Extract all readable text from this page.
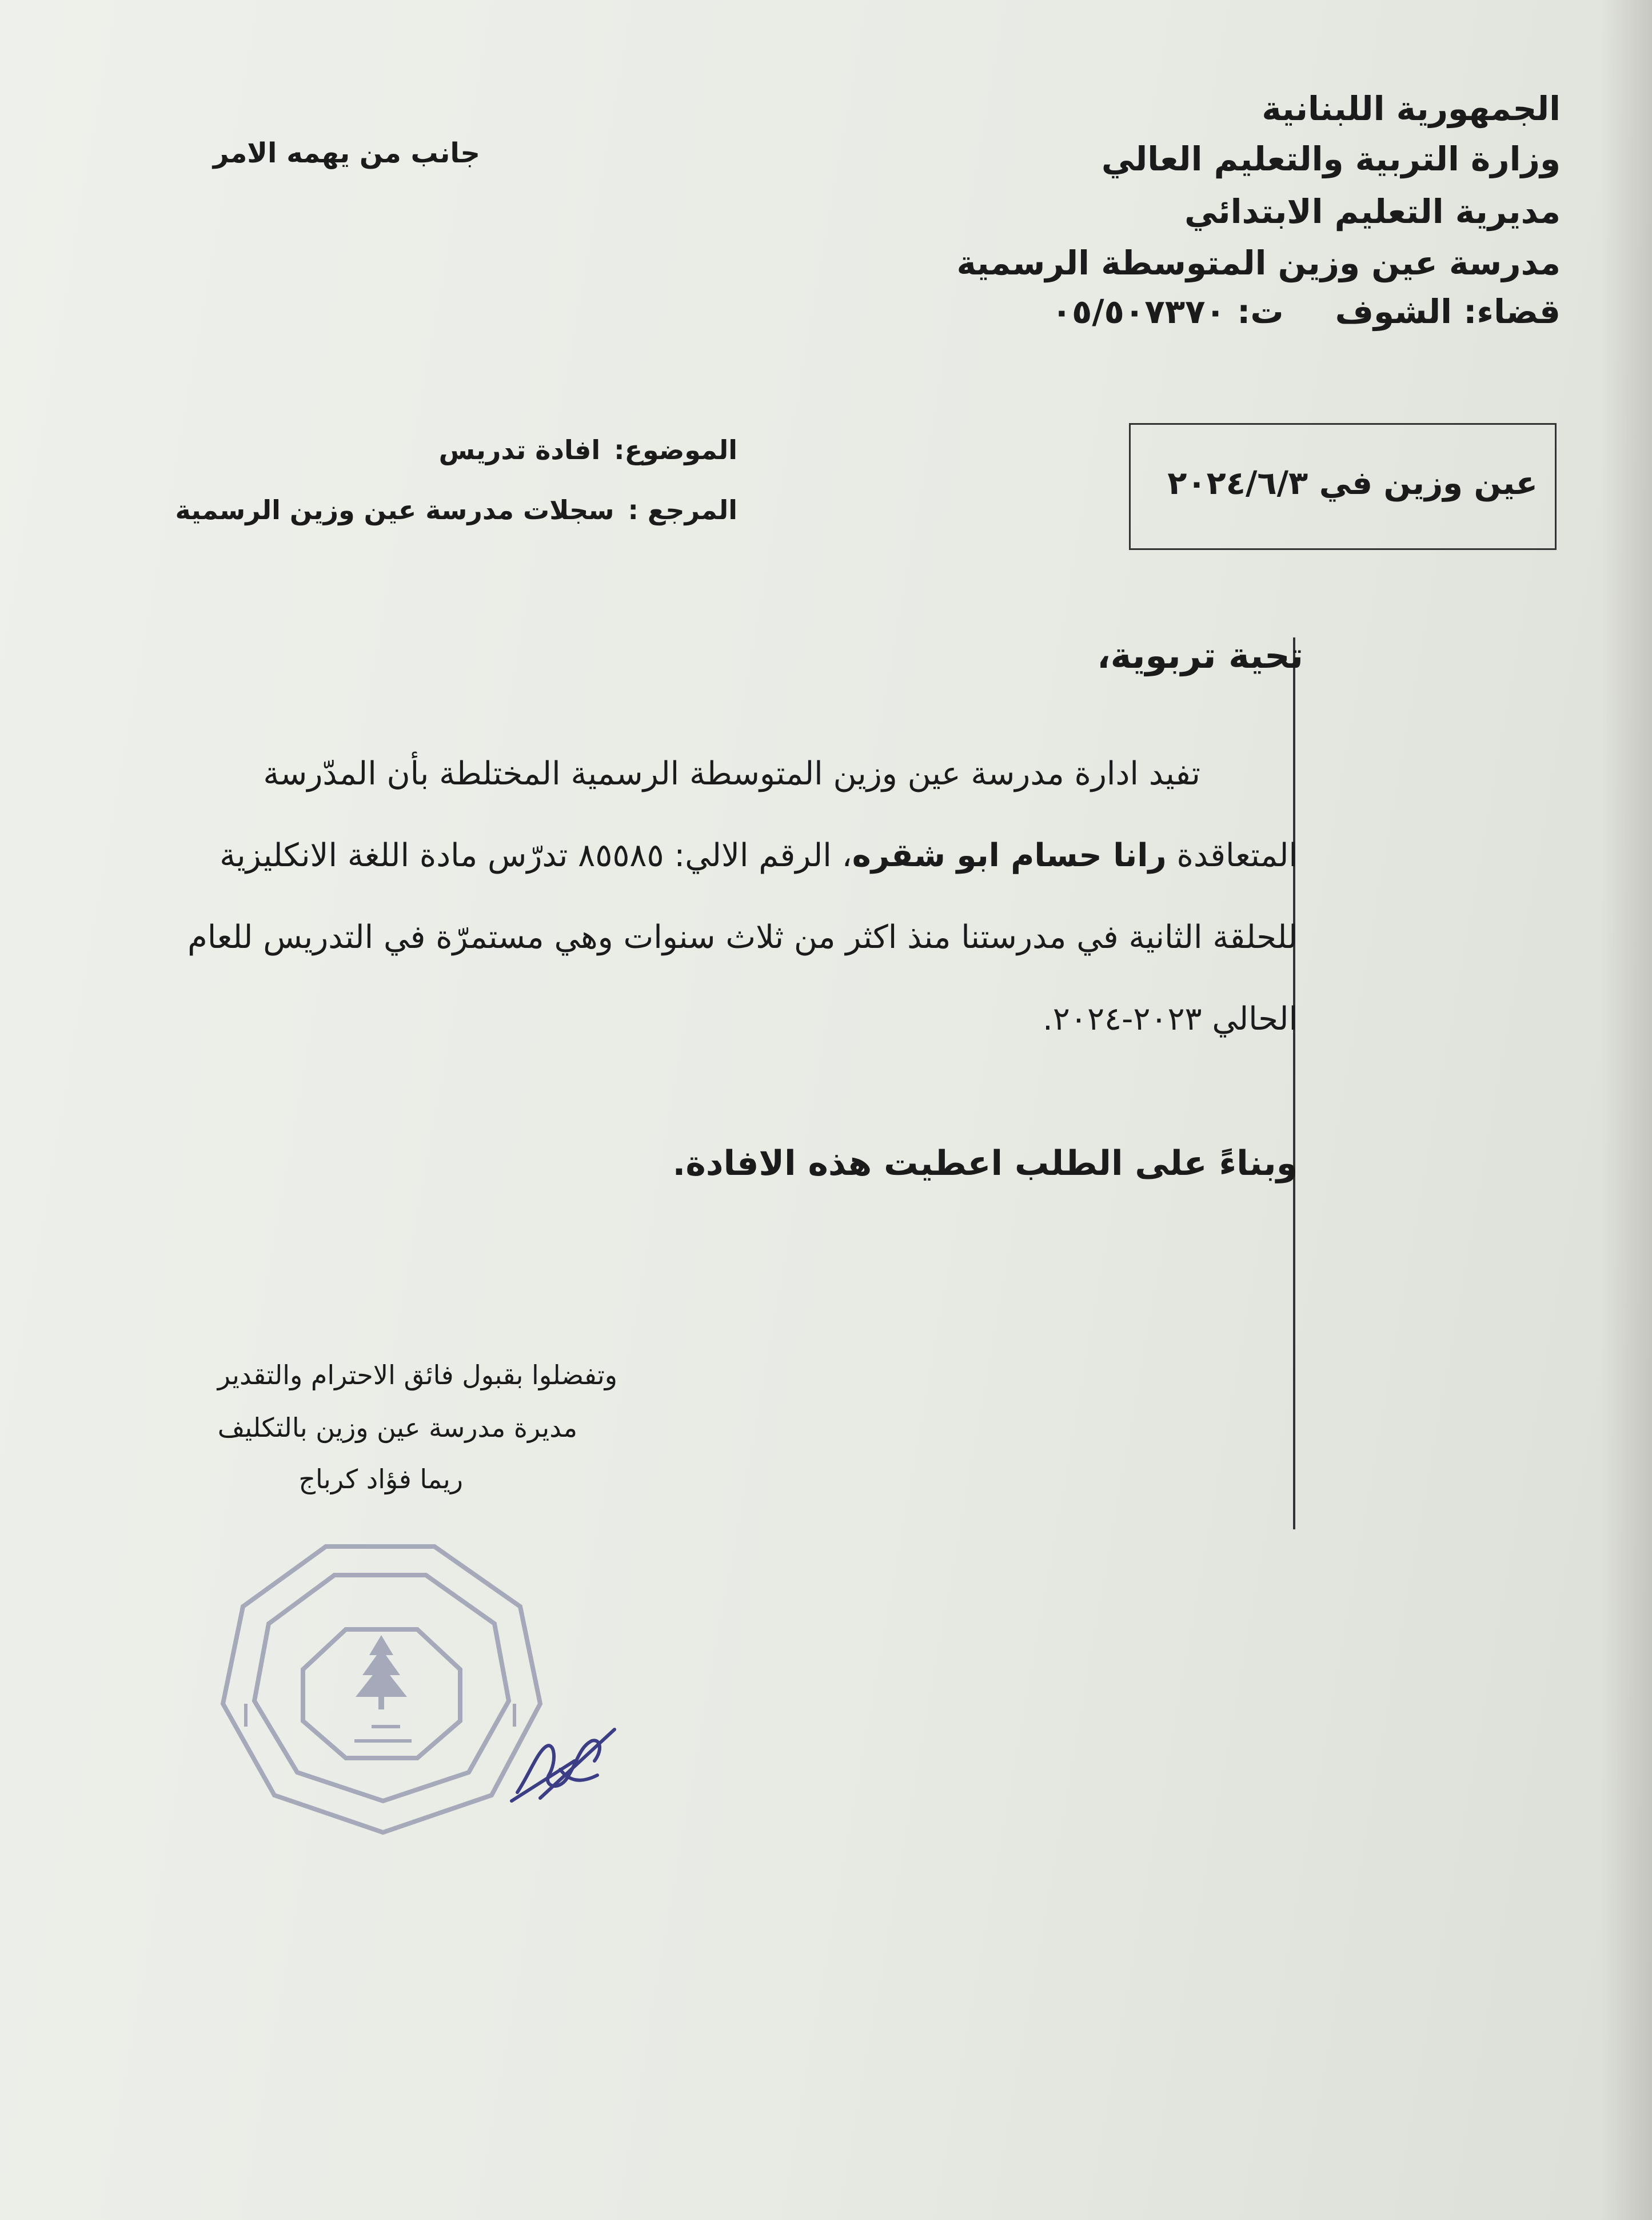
الجمهورية اللبنانية
وزارة التربية والتعليم العالي
مديرية التعليم الابتدائي
مدرسة عين وزين المتوسطة الرسمية
قضاء: الشوفت: ٠٥/٥٠٧٣٧٠
جانب من يهمه الامر
عين وزين في ٢٠٢٤/٦/٣
الموضوع:افادة تدريس
المرجع :سجلات مدرسة عين وزين الرسمية
تحية تربوية،
تفيد ادارة مدرسة عين وزين المتوسطة الرسمية المختلطة بأن المدّرسة
المتعاقدة رانا حسام ابو شقره، الرقم الالي: ٨٥٥٨٥ تدرّس مادة اللغة الانكليزية
للحلقة الثانية في مدرستنا منذ اكثر من ثلاث سنوات وهي مستمرّة في التدريس للعام
الحالي ٢٠٢٣-٢٠٢٤.
وبناءً على الطلب اعطيت هذه الافادة.
وتفضلوا بقبول فائق الاحترام والتقدير
مديرة مدرسة عين وزين بالتكليف
ريما فؤاد كرباج
